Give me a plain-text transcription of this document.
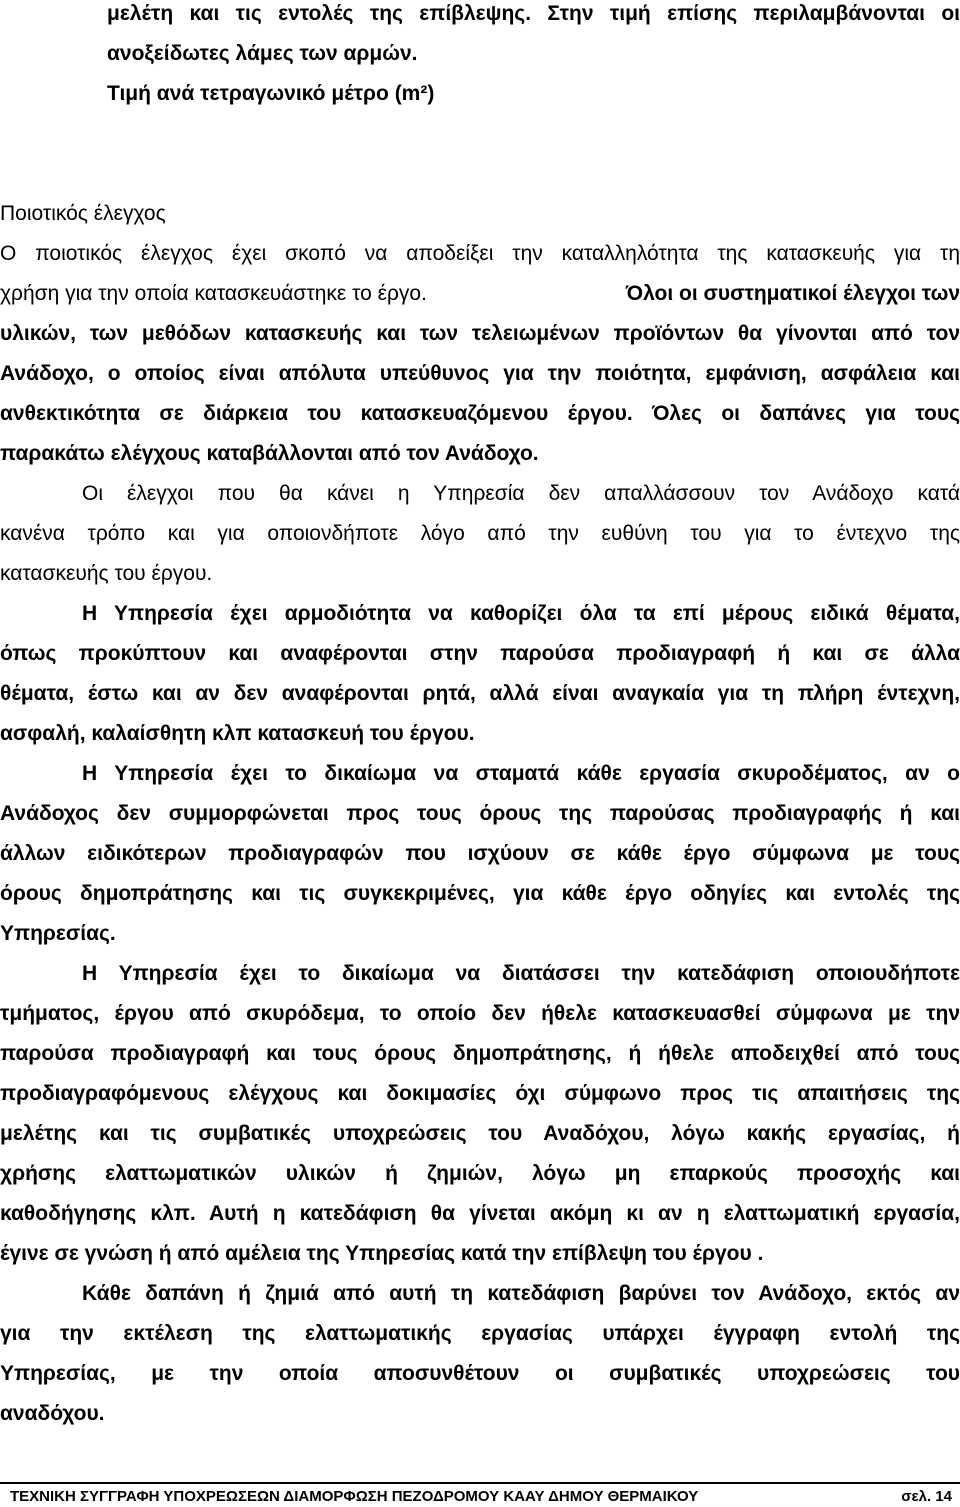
μελέτη και τις εντολές της επίβλεψης. Στην τιμή επίσης περιλαμβάνονται οι

ανοξείδωτες λάμες των αρμών.

Τιμή ανά τετραγωνικό μέτρο (m²)

Ποιοτικός έλεγχος

Ο ποιοτικός έλεγχος έχει σκοπό να αποδείξει την καταλληλότητα της κατασκευής για τη

χρήση για την οποία κατασκευάστηκε το έργο.	Όλοι οι συστηματικοί έλεγχοι των

υλικών, των μεθόδων κατασκευής και των τελειωμένων προϊόντων θα γίνονται από τον

Ανάδοχο, ο οποίος είναι απόλυτα υπεύθυνος για την ποιότητα, εμφάνιση, ασφάλεια και

ανθεκτικότητα σε διάρκεια του κατασκευαζόμενου έργου. Όλες οι δαπάνες για τους

παρακάτω ελέγχους καταβάλλονται από τον Ανάδοχο.

Οι έλεγχοι που θα κάνει η Υπηρεσία δεν απαλλάσσουν τον Ανάδοχο κατά

κανένα τρόπο και για οποιονδήποτε λόγο από την ευθύνη του για το έντεχνο της

κατασκευής του έργου.

Η Υπηρεσία έχει αρμοδιότητα να καθορίζει όλα τα επί μέρους ειδικά θέματα,

όπως προκύπτουν και αναφέρονται στην παρούσα προδιαγραφή ή και σε άλλα

θέματα, έστω και αν δεν αναφέρονται ρητά, αλλά είναι αναγκαία για τη πλήρη έντεχνη,

ασφαλή, καλαίσθητη κλπ κατασκευή του έργου.

Η Υπηρεσία έχει το δικαίωμα να σταματά κάθε εργασία σκυροδέματος, αν ο

Ανάδοχος δεν συμμορφώνεται προς τους όρους της παρούσας προδιαγραφής ή και

άλλων ειδικότερων προδιαγραφών που ισχύουν σε κάθε έργο σύμφωνα με τους

όρους δημοπράτησης και τις συγκεκριμένες, για κάθε έργο οδηγίες και εντολές της

Υπηρεσίας.

Η Υπηρεσία έχει το δικαίωμα να διατάσσει την κατεδάφιση οποιουδήποτε

τμήματος, έργου από σκυρόδεμα, το οποίο δεν ήθελε κατασκευασθεί σύμφωνα με την

παρούσα προδιαγραφή και τους όρους δημοπράτησης, ή ήθελε αποδειχθεί από τους

προδιαγραφόμενους ελέγχους και δοκιμασίες όχι σύμφωνο προς τις απαιτήσεις της

μελέτης και τις συμβατικές υποχρεώσεις του Αναδόχου, λόγω κακής εργασίας, ή

χρήσης ελαττωματικών υλικών ή ζημιών, λόγω μη επαρκούς προσοχής και

καθοδήγησης κλπ. Αυτή η κατεδάφιση θα γίνεται ακόμη κι αν η ελαττωματική εργασία,

έγινε σε γνώση ή από αμέλεια της Υπηρεσίας κατά την επίβλεψη του έργου .

Κάθε δαπάνη ή ζημιά από αυτή τη κατεδάφιση βαρύνει τον Ανάδοχο, εκτός αν

για την εκτέλεση της ελαττωματικής εργασίας υπάρχει έγγραφη εντολή της

Υπηρεσίας, με την οποία αποσυνθέτουν οι συμβατικές υποχρεώσεις του

αναδόχου.

ΤΕΧΝΙΚΗ ΣΥΓΓΡΑΦΗ ΥΠΟΧΡΕΩΣΕΩΝ ΔΙΑΜΟΡΦΩΣΗ ΠΕΖΟΔΡΟΜΟΥ ΚΑΑΥ ΔΗΜΟΥ ΘΕΡΜΑΙΚΟΥ	σελ. 14
